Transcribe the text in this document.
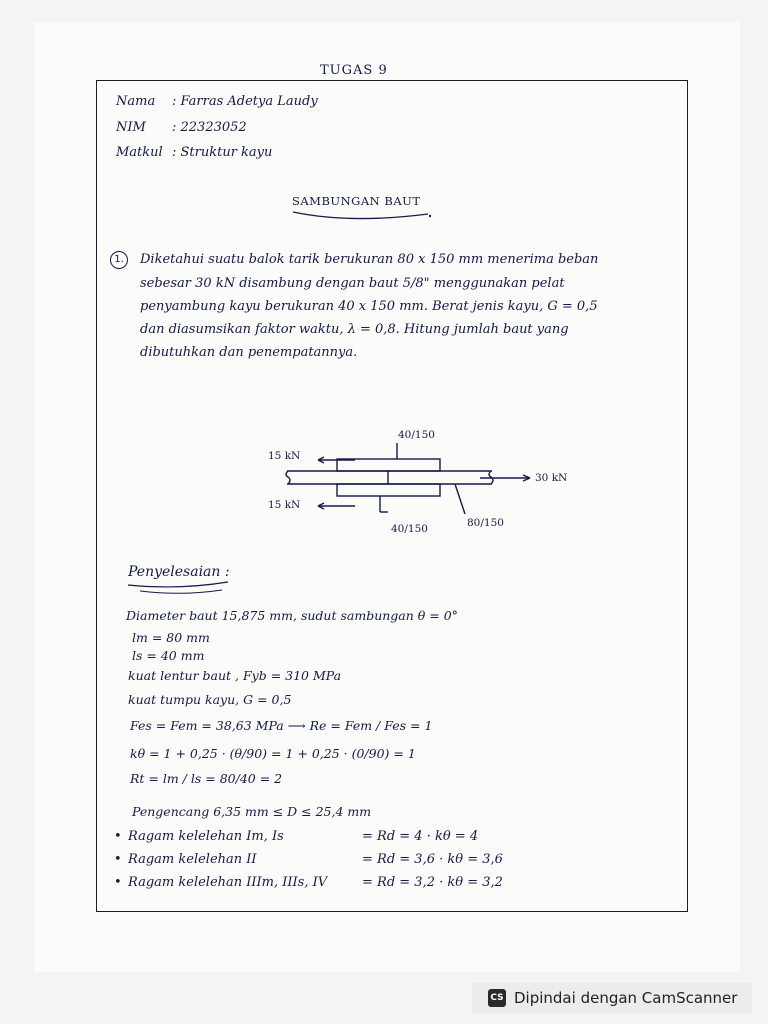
TUGAS 9
Nama : Farras Adetya Laudy
NIM : 22323052
Matkul : Struktur kayu
SAMBUNGAN BAUT
1.	Diketahui suatu balok tarik berukuran 80 x 150 mm menerima beban
sebesar 30 kN disambung dengan baut 5/8" menggunakan pelat
penyambung kayu berukuran 40 x 150 mm. Berat jenis kayu, G = 0,5
dan diasumsikan faktor waktu, λ = 0,8. Hitung jumlah baut yang
dibutuhkan dan penempatannya.
40/150
15 kN
15 kN
30 kN
40/150	80/150
Penyelesaian :
Diameter baut 15,875 mm, sudut sambungan θ = 0°
lm = 80 mm
ls = 40 mm
kuat lentur baut , Fyb = 310 MPa
kuat tumpu kayu, G = 0,5
Fes = Fem = 38,63 MPa ⟶ Re = Fem / Fes = 1
kθ = 1 + 0,25 · (θ/90) = 1 + 0,25 · (0/90) = 1
Rt = lm / ls = 80/40 = 2
Pengencang 6,35 mm ≤ D ≤ 25,4 mm
• Ragam kelelehan Im, Is	= Rd = 4 · kθ = 4
• Ragam kelelehan II	= Rd = 3,6 · kθ = 3,6
• Ragam kelelehan IIIm, IIIs, IV	= Rd = 3,2 · kθ = 3,2
CS Dipindai dengan CamScanner
